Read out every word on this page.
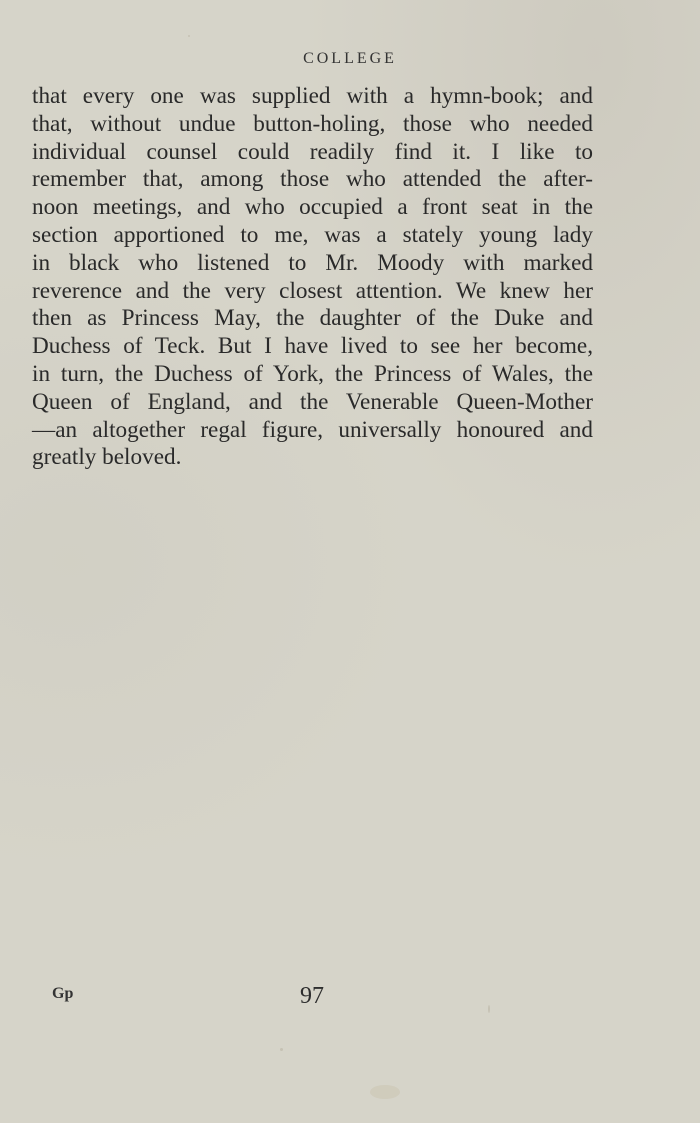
COLLEGE
that every one was supplied with a hymn-book; and
that, without undue button-holing, those who needed
individual counsel could readily find it. I like to
remember that, among those who attended the after-
noon meetings, and who occupied a front seat in the
section apportioned to me, was a stately young lady
in black who listened to Mr. Moody with marked
reverence and the very closest attention. We knew her
then as Princess May, the daughter of the Duke and
Duchess of Teck. But I have lived to see her become,
in turn, the Duchess of York, the Princess of Wales, the
Queen of England, and the Venerable Queen-Mother
—an altogether regal figure, universally honoured and
greatly beloved.
Gp	97
